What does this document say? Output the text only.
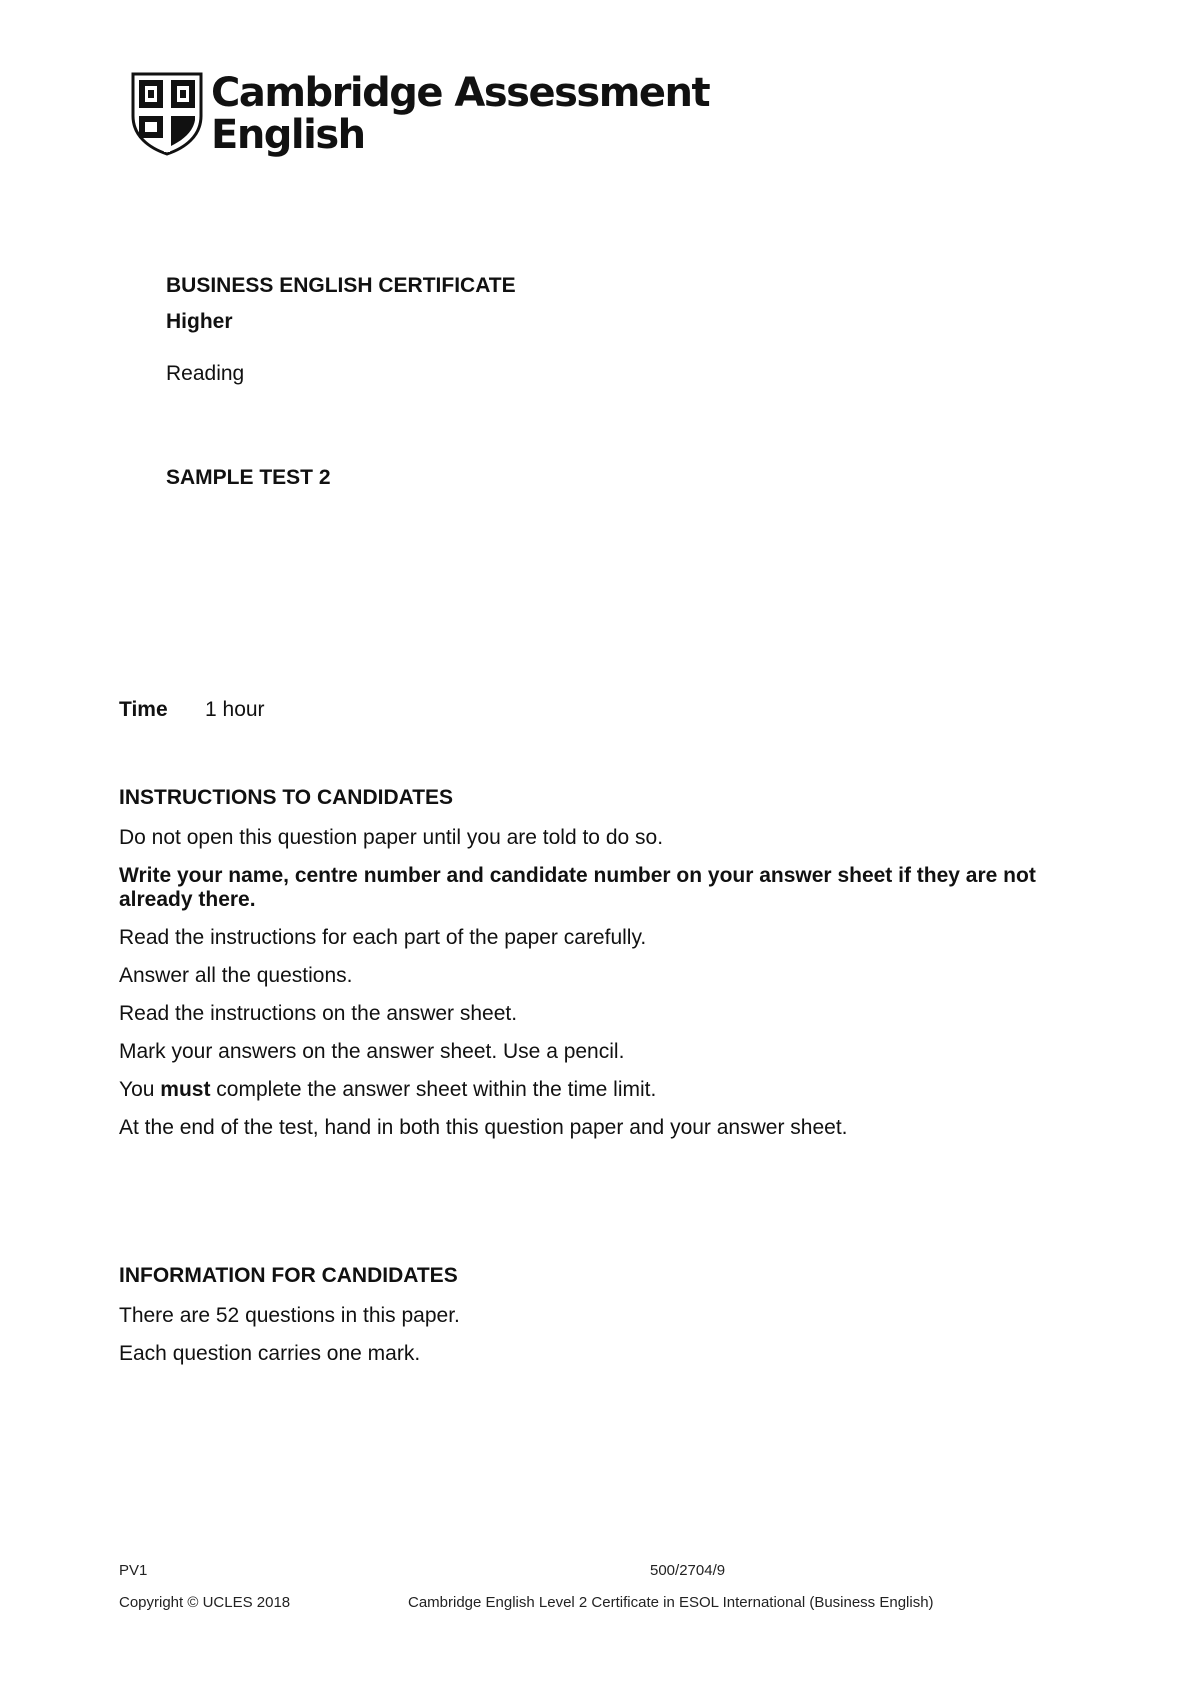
Cambridge Assessment
English
BUSINESS ENGLISH CERTIFICATE
Higher
Reading
SAMPLE TEST 2
Time	1 hour
INSTRUCTIONS TO CANDIDATES

Do not open this question paper until you are told to do so.

Write your name, centre number and candidate number on your answer sheet if they are not already there.

Read the instructions for each part of the paper carefully.

Answer all the questions.

Read the instructions on the answer sheet.

Mark your answers on the answer sheet. Use a pencil.

You must complete the answer sheet within the time limit.

At the end of the test, hand in both this question paper and your answer sheet.

INFORMATION FOR CANDIDATES

There are 52 questions in this paper.

Each question carries one mark.

PV1	500/2704/9
Copyright © UCLES 2018	Cambridge English Level 2 Certificate in ESOL International (Business English)
